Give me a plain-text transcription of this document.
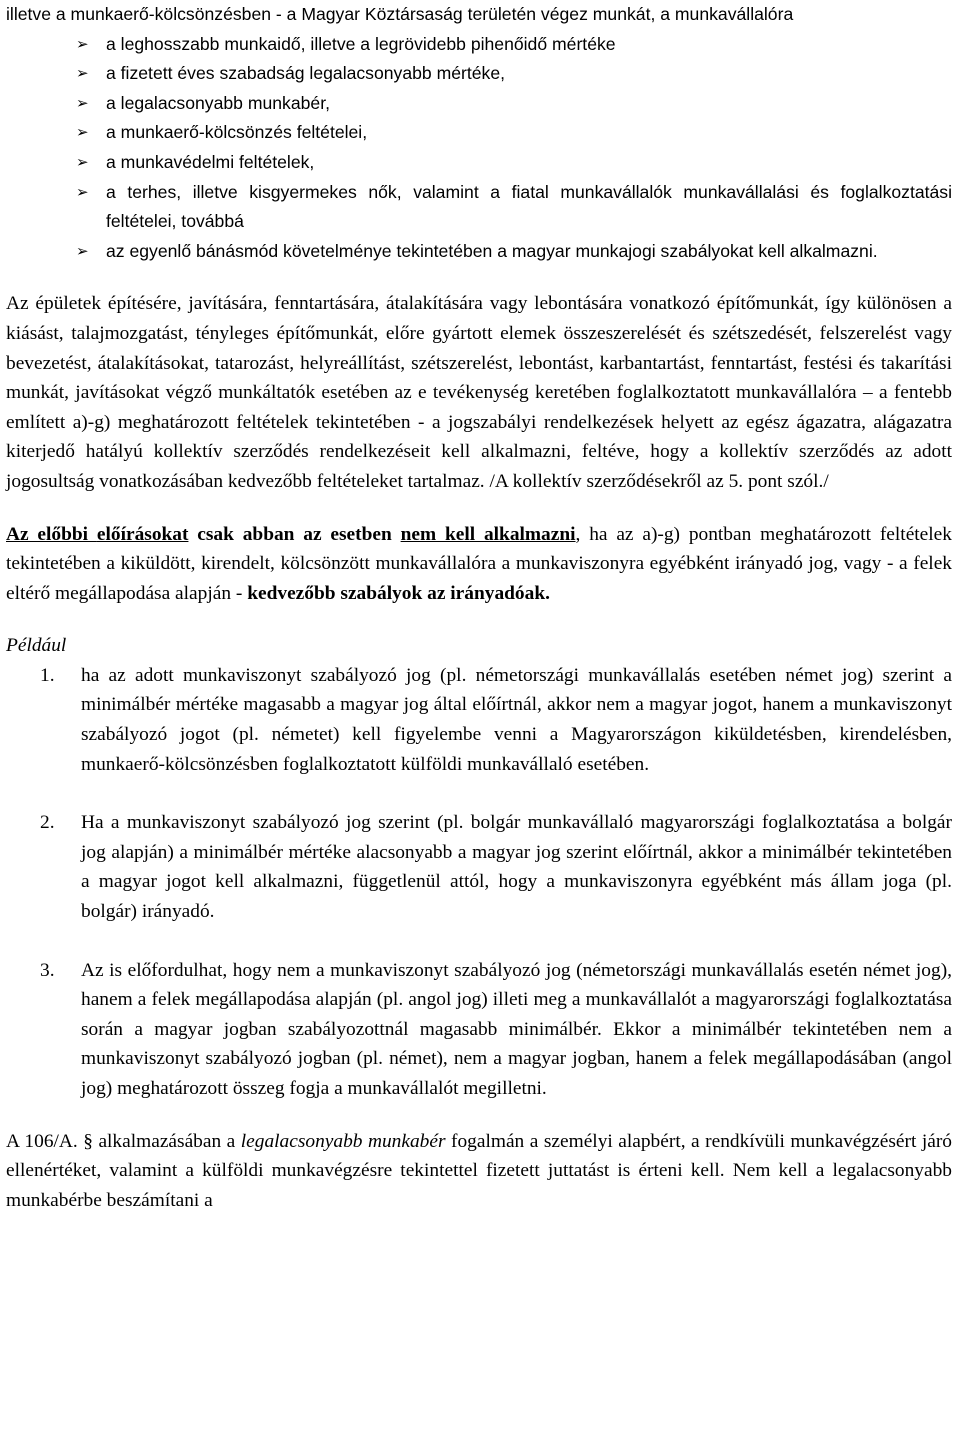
illetve a munkaerő-kölcsönzésben - a Magyar Köztársaság területén végez munkát, a munkavállalóra

➢ a leghosszabb munkaidő, illetve a legrövidebb pihenőidő mértéke
➢ a fizetett éves szabadság legalacsonyabb mértéke,
➢ a legalacsonyabb munkabér,
➢ a munkaerő-kölcsönzés feltételei,
➢ a munkavédelmi feltételek,
➢ a terhes, illetve kisgyermekes nők, valamint a fiatal munkavállalók munkavállalási és foglalkoztatási feltételei, továbbá
➢ az egyenlő bánásmód követelménye tekintetében a magyar munkajogi szabályokat kell alkalmazni.

Az épületek építésére, javítására, fenntartására, átalakítására vagy lebontására vonatkozó építőmunkát, így különösen a kiásást, talajmozgatást, tényleges építőmunkát, előre gyártott elemek összeszerelését és szétszedését, felszerelést vagy bevezetést, átalakításokat, tatarozást, helyreállítást, szétszerelést, lebontást, karbantartást, fenntartást, festési és takarítási munkát, javításokat végző munkáltatók esetében az e tevékenység keretében foglalkoztatott munkavállalóra – a fentebb említett a)-g) meghatározott feltételek tekintetében - a jogszabályi rendelkezések helyett az egész ágazatra, alágazatra kiterjedő hatályú kollektív szerződés rendelkezéseit kell alkalmazni, feltéve, hogy a kollektív szerződés az adott jogosultság vonatkozásában kedvezőbb feltételeket tartalmaz. /A kollektív szerződésekről az 5. pont szól./

Az előbbi előírásokat csak abban az esetben nem kell alkalmazni, ha az a)-g) pontban meghatározott feltételek tekintetében a kiküldött, kirendelt, kölcsönzött munkavállalóra a munkaviszonyra egyébként irányadó jog, vagy - a felek eltérő megállapodása alapján - kedvezőbb szabályok az irányadóak.

Például

1. ha az adott munkaviszonyt szabályozó jog (pl. németországi munkavállalás esetében német jog) szerint a minimálbér mértéke magasabb a magyar jog által előírtnál, akkor nem a magyar jogot, hanem a munkaviszonyt szabályozó jogot (pl. németet) kell figyelembe venni a Magyarországon kiküldetésben, kirendelésben, munkaerő-kölcsönzésben foglalkoztatott külföldi munkavállaló esetében.
2. Ha a munkaviszonyt szabályozó jog szerint (pl. bolgár munkavállaló magyarországi foglalkoztatása a bolgár jog alapján) a minimálbér mértéke alacsonyabb a magyar jog szerint előírtnál, akkor a minimálbér tekintetében a magyar jogot kell alkalmazni, függetlenül attól, hogy a munkaviszonyra egyébként más állam joga (pl. bolgár) irányadó.
3. Az is előfordulhat, hogy nem a munkaviszonyt szabályozó jog (németországi munkavállalás esetén német jog), hanem a felek megállapodása alapján (pl. angol jog) illeti meg a munkavállalót a magyarországi foglalkoztatása során a magyar jogban szabályozottnál magasabb minimálbér. Ekkor a minimálbér tekintetében nem a munkaviszonyt szabályozó jogban (pl. német), nem a magyar jogban, hanem a felek megállapodásában (angol jog) meghatározott összeg fogja a munkavállalót megilletni.

A 106/A. § alkalmazásában a legalacsonyabb munkabér fogalmán a személyi alapbért, a rendkívüli munkavégzésért járó ellenértéket, valamint a külföldi munkavégzésre tekintettel fizetett juttatást is érteni kell. Nem kell a legalacsonyabb munkabérbe beszámítani a
